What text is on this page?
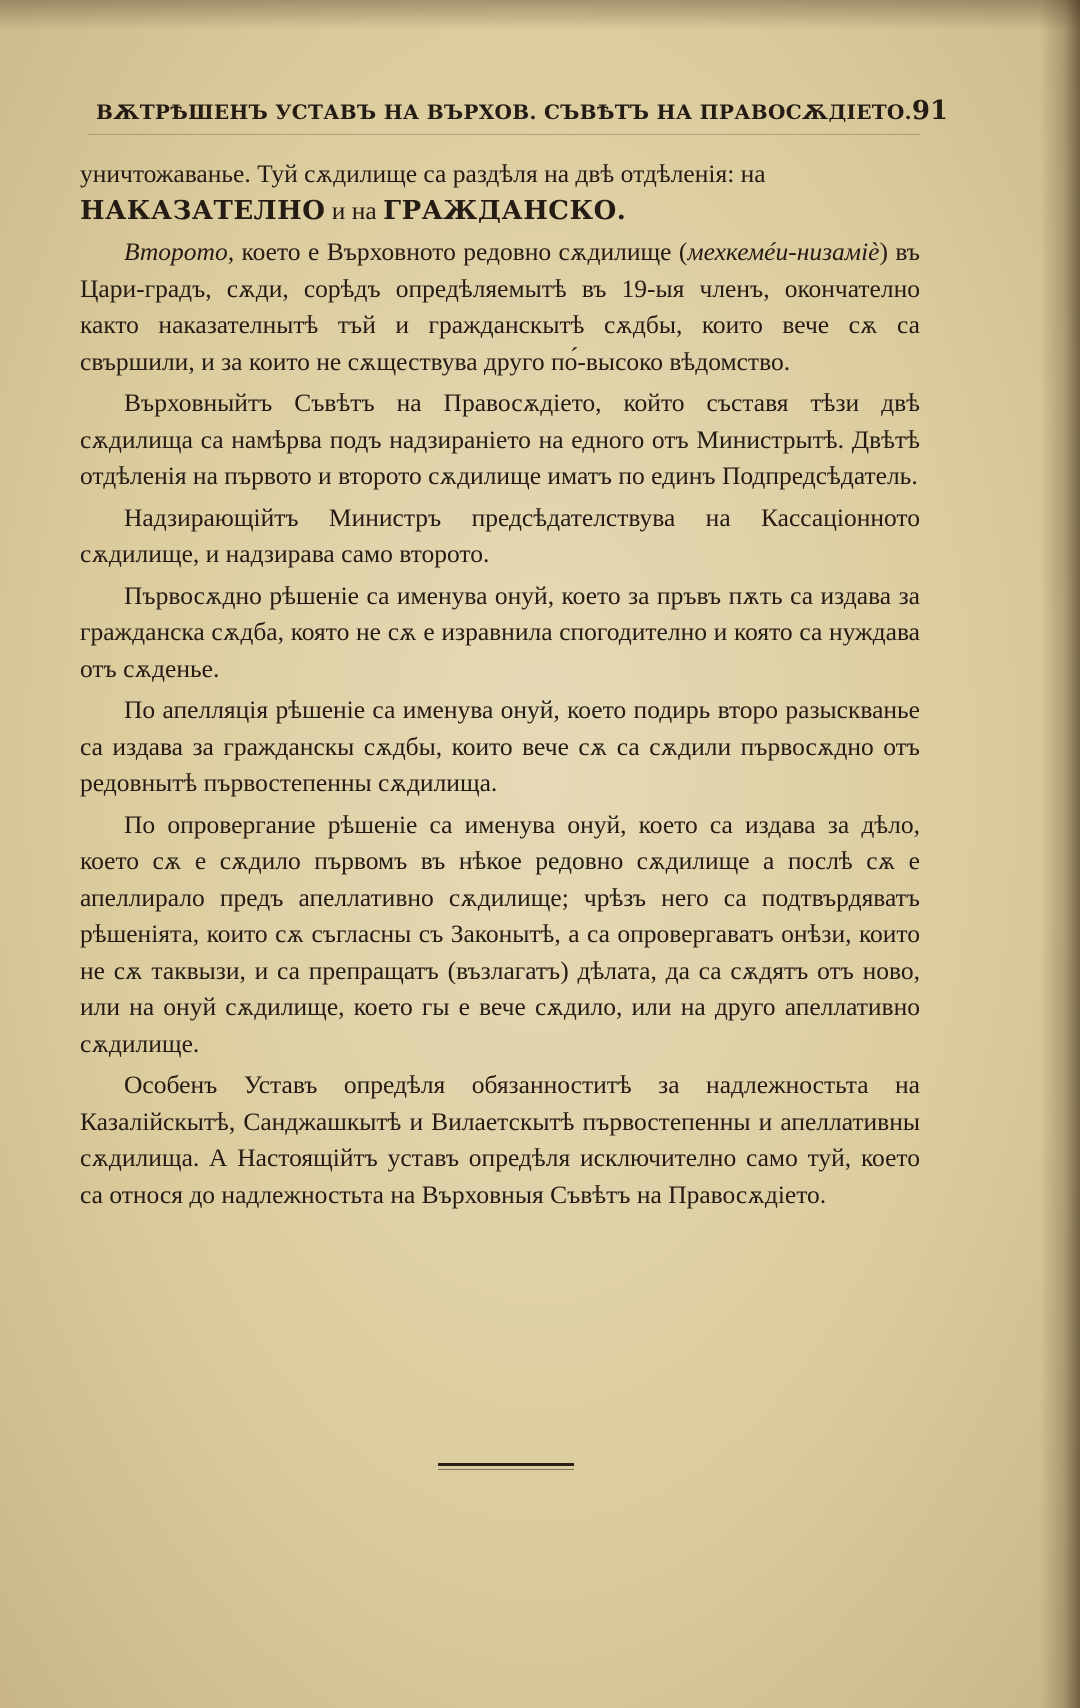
ВѪТРѢШЕНЪ УСТАВЪ НА ВЪРХОВ. СЪВѢТЪ НА ПРАВОСѪДІЕТО. 91

уничтожаванье. Туй сѫдилище са раздѣля на двѣ отдѣленія: на
НАКАЗАТЕЛНО и на ГРАЖДАНСКО.

Второто, което е Върховното редовно сѫдилище (мехкемéи-низамiè) въ Цари-градъ, сѫди, сорѣдъ опредѣляемытѣ въ 19-ыя членъ, окончателно както наказателнытѣ тъй и гражданскытѣ сѫдбы, които вече сѫ са свършили, и за които не сѫществува друго по́-высоко вѣдомство.

Върховныйтъ Съвѣтъ на Правосѫдіето, който съставя тѣзи двѣ сѫдилища са намѣрва подъ надзираніето на едного отъ Министрытѣ. Двѣтѣ отдѣленія на първото и второто сѫдилище иматъ по единъ Подпредсѣдатель.

Надзирающійтъ Министръ предсѣдателствува на Кассаціонното сѫдилище, и надзирава само второто.

Първосѫдно рѣшеніе са именува онуй, което за пръвъ пѫть са издава за гражданска сѫдба, която не сѫ е изравнила спогодително и която са нуждава отъ сѫденье.

По апелляція рѣшеніе са именува онуй, което подирь второ разыскванье са издава за гражданскы сѫдбы, които вече сѫ са сѫдили първосѫдно отъ редовнытѣ първостепенны сѫдилища.

По опровергание рѣшеніе са именува онуй, което са издава за дѣло, което сѫ е сѫдило първомъ въ нѣкое редовно сѫдилище а послѣ сѫ е апеллирало предъ апеллативно сѫдилище; чрѣзъ него са подтвърдяватъ рѣшеніята, които сѫ съгласны съ Законытѣ, а са опровергаватъ онѣзи, които не сѫ таквызи, и са препращатъ (възлагатъ) дѣлата, да са сѫдятъ отъ ново, или на онуй сѫдилище, което гы е вече сѫдило, или на друго апеллативно сѫдилище.

Особенъ Уставъ опредѣля обязанноститѣ за надлежностьта на Казалійскытѣ, Санджашкытѣ и Вилаетскытѣ първостепенны и апеллативны сѫдилища. А Настоящійтъ уставъ опредѣля исключително само туй, което са относя до надлежностьта на Върховныя Съвѣтъ на Правосѫдіето.
